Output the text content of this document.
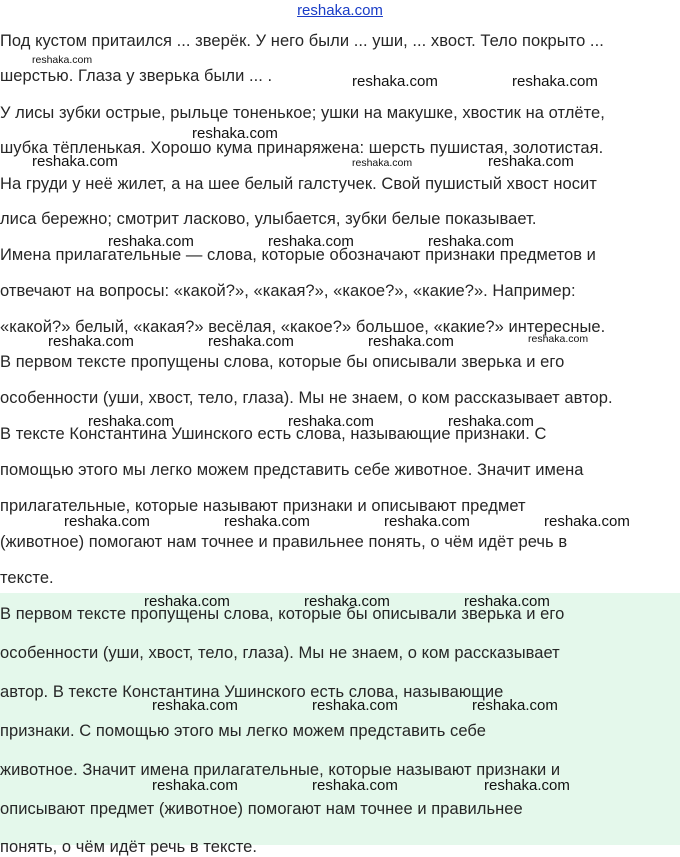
reshaka.com

Под кустом притаился ... зверёк. У него были ... уши, ... хвост. Тело покрыто ...

шерстью. Глаза у зверька были ... .

У лисы зубки острые, рыльце тоненькое; ушки на макушке, хвостик на отлёте,

шубка тёпленькая. Хорошо кума принаряжена: шерсть пушистая, золотистая.

На груди у неё жилет, а на шее белый галстучек. Свой пушистый хвост носит

лиса бережно; смотрит ласково, улыбается, зубки белые показывает.

Имена прилагательные — слова, которые обозначают признаки предметов и

отвечают на вопросы: «какой?», «какая?», «какое?», «какие?». Например:

«какой?» белый, «какая?» весёлая, «какое?» большое, «какие?» интересные.

В первом тексте пропущены слова, которые бы описывали зверька и его

особенности (уши, хвост, тело, глаза). Мы не знаем, о ком рассказывает автор.

В тексте Константина Ушинского есть слова, называющие признаки. С

помощью этого мы легко можем представить себе животное. Значит имена

прилагательные, которые называют признаки и описывают предмет

(животное) помогают нам точнее и правильнее понять, о чём идёт речь в

тексте.

В первом тексте пропущены слова, которые бы описывали зверька и его

особенности (уши, хвост, тело, глаза). Мы не знаем, о ком рассказывает

автор. В тексте Константина Ушинского есть слова, называющие

признаки. С помощью этого мы легко можем представить себе

животное. Значит имена прилагательные, которые называют признаки и

описывают предмет (животное) помогают нам точнее и правильнее

понять, о чём идёт речь в тексте.

reshaka.com
reshaka.com	reshaka.com
reshaka.com
reshaka.com	reshaka.com	reshaka.com
reshaka.com	reshaka.com	reshaka.com
reshaka.com	reshaka.com	reshaka.com	reshaka.com
reshaka.com	reshaka.com	reshaka.com
reshaka.com	reshaka.com	reshaka.com	reshaka.com
reshaka.com	reshaka.com	reshaka.com
reshaka.com	reshaka.com	reshaka.com
reshaka.com	reshaka.com	reshaka.com
